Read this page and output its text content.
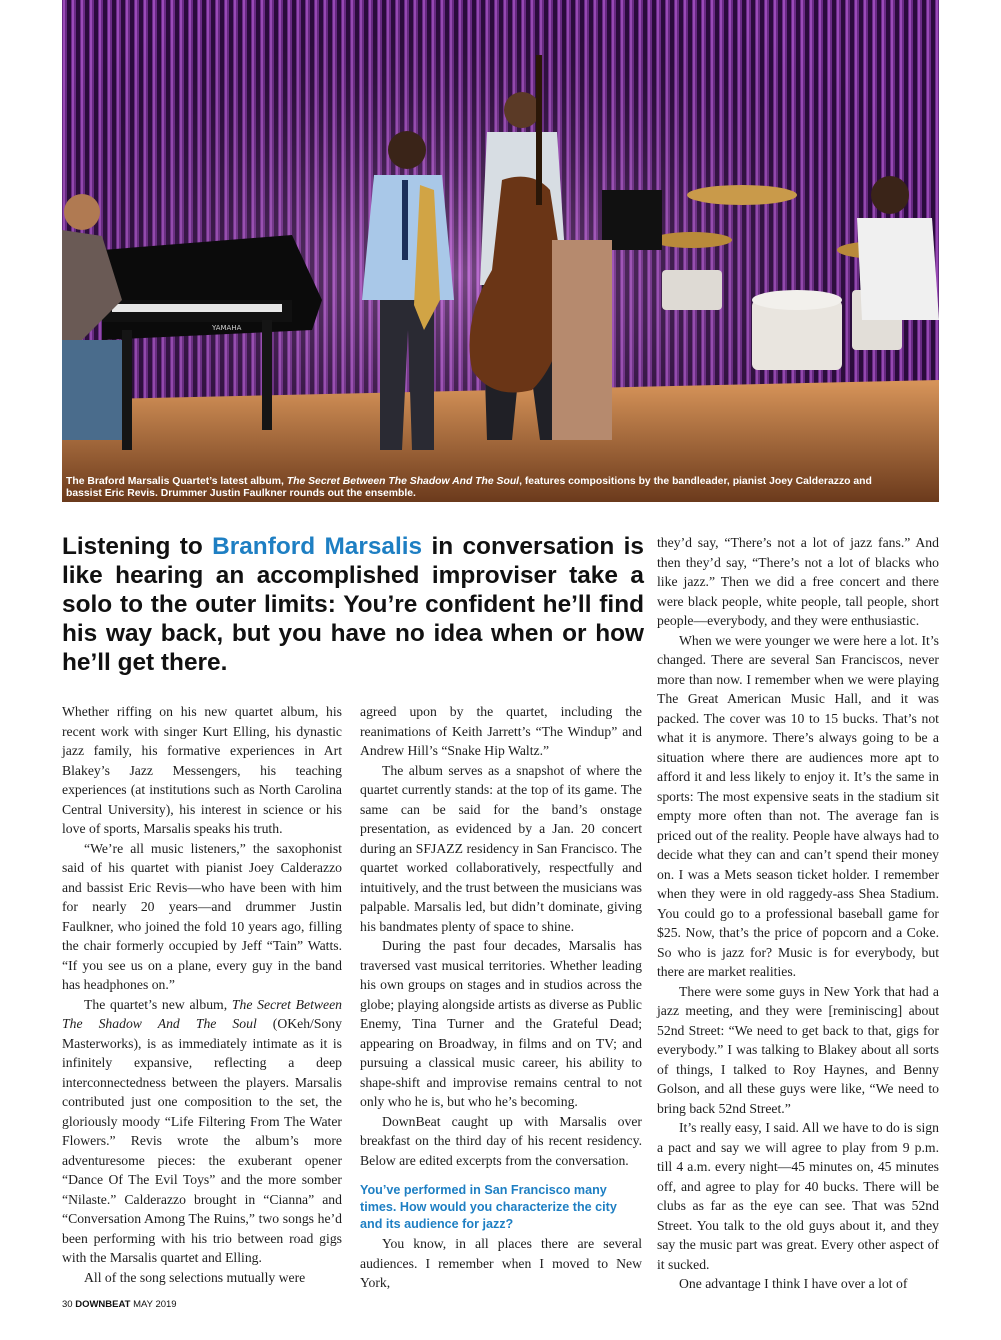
YAMAHA

The Braford Marsalis Quartet’s latest album, The Secret Between The Shadow And The Soul, features compositions by the bandleader, pianist Joey Calderazzo and bassist Eric Revis. Drummer Justin Faulkner rounds out the ensemble.

Listening to Branford Marsalis in conversation is like hearing an accomplished improviser take a solo to the outer limits: You’re confident he’ll find his way back, but you have no idea when or how he’ll get there.

Whether riffing on his new quartet album, his recent work with singer Kurt Elling, his dynastic jazz family, his formative experiences in Art Blakey’s Jazz Messengers, his teaching experiences (at institutions such as North Carolina Central University), his interest in science or his love of sports, Marsalis speaks his truth.

“We’re all music listeners,” the saxophonist said of his quartet with pianist Joey Calderazzo and bassist Eric Revis—who have been with him for nearly 20 years—and drummer Justin Faulkner, who joined the fold 10 years ago, filling the chair formerly occupied by Jeff “Tain” Watts. “If you see us on a plane, every guy in the band has headphones on.”

The quartet’s new album, The Secret Between The Shadow And The Soul (OKeh/Sony Masterworks), is as immediately intimate as it is infinitely expansive, reflecting a deep interconnectedness between the players. Marsalis contributed just one composition to the set, the gloriously moody “Life Filtering From The Water Flowers.” Revis wrote the album’s more adventuresome pieces: the exuberant opener “Dance Of The Evil Toys” and the more somber “Nilaste.” Calderazzo brought in “Cianna” and “Conversation Among The Ruins,” two songs he’d been performing with his trio between road gigs with the Marsalis quartet and Elling.

All of the song selections mutually were

agreed upon by the quartet, including the reanimations of Keith Jarrett’s “The Windup” and Andrew Hill’s “Snake Hip Waltz.”

The album serves as a snapshot of where the quartet currently stands: at the top of its game. The same can be said for the band’s onstage presentation, as evidenced by a Jan. 20 concert during an SFJAZZ residency in San Francisco. The quartet worked collaboratively, respectfully and intuitively, and the trust between the musicians was palpable. Marsalis led, but didn’t dominate, giving his bandmates plenty of space to shine.

During the past four decades, Marsalis has traversed vast musical territories. Whether leading his own groups on stages and in studios across the globe; playing alongside artists as diverse as Public Enemy, Tina Turner and the Grateful Dead; appearing on Broadway, in films and on TV; and pursuing a classical music career, his ability to shape-shift and improvise remains central to not only who he is, but who he’s becoming.

DownBeat caught up with Marsalis over breakfast on the third day of his recent residency. Below are edited excerpts from the conversation.

You’ve performed in San Francisco many times. How would you characterize the city and its audience for jazz?

You know, in all places there are several audiences. I remember when I moved to New York,

they’d say, “There’s not a lot of jazz fans.” And then they’d say, “There’s not a lot of blacks who like jazz.” Then we did a free concert and there were black people, white people, tall people, short people—everybody, and they were enthusiastic.

When we were younger we were here a lot. It’s changed. There are several San Franciscos, never more than now. I remember when we were playing The Great American Music Hall, and it was packed. The cover was 10 to 15 bucks. That’s not what it is anymore. There’s always going to be a situation where there are audiences more apt to afford it and less likely to enjoy it. It’s the same in sports: The most expensive seats in the stadium sit empty more often than not. The average fan is priced out of the reality. People have always had to decide what they can and can’t spend their money on. I was a Mets season ticket holder. I remember when they were in old raggedy-ass Shea Stadium. You could go to a professional baseball game for $25. Now, that’s the price of popcorn and a Coke. So who is jazz for? Music is for everybody, but there are market realities.

There were some guys in New York that had a jazz meeting, and they were [reminiscing] about 52nd Street: “We need to get back to that, gigs for everybody.” I was talking to Blakey about all sorts of things, I talked to Roy Haynes, and Benny Golson, and all these guys were like, “We need to bring back 52nd Street.”

It’s really easy, I said. All we have to do is sign a pact and say we will agree to play from 9 p.m. till 4 a.m. every night—45 minutes on, 45 minutes off, and agree to play for 40 bucks. There will be clubs as far as the eye can see. That was 52nd Street. You talk to the old guys about it, and they say the music part was great. Every other aspect of it sucked.

One advantage I think I have over a lot of

30 DOWNBEAT MAY 2019
